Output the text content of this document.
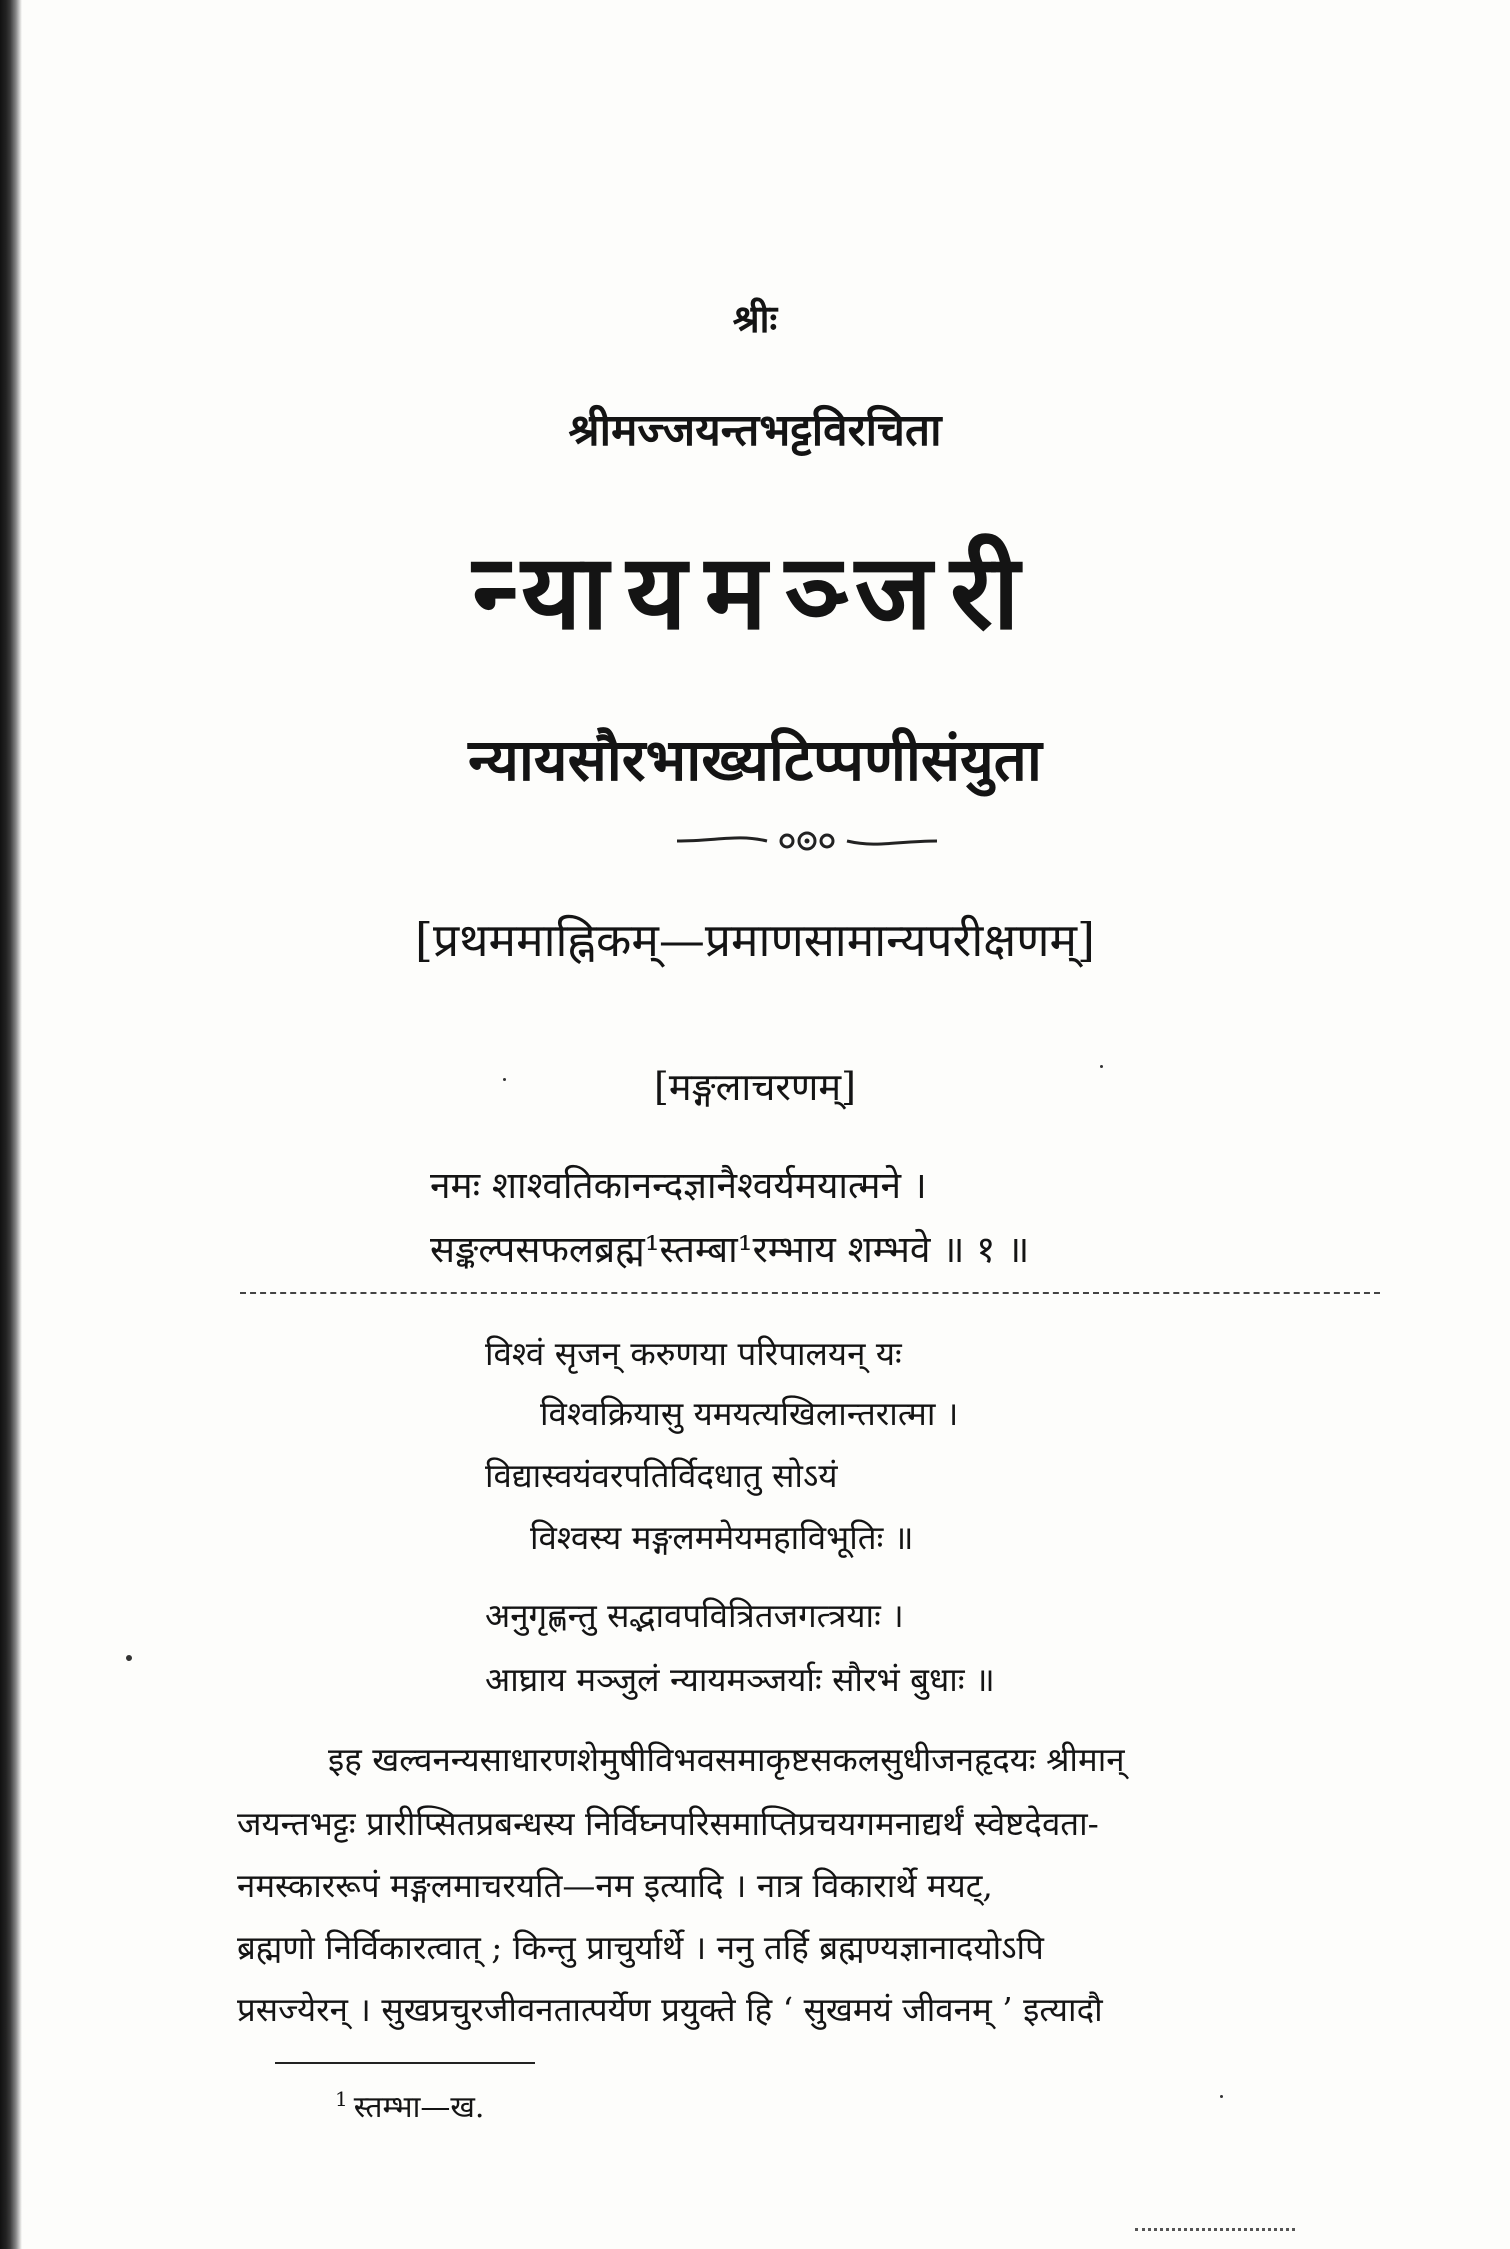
श्रीः
श्रीमज्जयन्तभट्टविरचिता
न्यायमञ्जरी
न्यायसौरभाख्यटिप्पणीसंयुता
[प्रथममाह्निकम्—प्रमाणसामान्यपरीक्षणम्]
[मङ्गलाचरणम्]
नमः शाश्वतिकानन्दज्ञानैश्वर्यमयात्मने ।
सङ्कल्पसफलब्रह्म¹स्तम्बा¹रम्भाय शम्भवे ॥ १ ॥
विश्वं सृजन् करुणया परिपालयन् यः
विश्वक्रियासु यमयत्यखिलान्तरात्मा ।
विद्यास्वयंवरपतिर्विदधातु सोऽयं
विश्वस्य मङ्गलममेयमहाविभूतिः ॥
अनुगृह्णन्तु सद्भावपवित्रितजगत्त्रयाः ।
आघ्राय मञ्जुलं न्यायमञ्जर्याः सौरभं बुधाः ॥
इह खल्वनन्यसाधारणशेमुषीविभवसमाकृष्टसकलसुधीजनहृदयः श्रीमान्
जयन्तभट्टः प्रारीप्सितप्रबन्धस्य निर्विघ्नपरिसमाप्तिप्रचयगमनाद्यर्थं स्वेष्टदेवता-
नमस्काररूपं मङ्गलमाचरयति—नम इत्यादि । नात्र विकारार्थे मयट्,
ब्रह्मणो निर्विकारत्वात् ; किन्तु प्राचुर्यार्थे । ननु तर्हि ब्रह्मण्यज्ञानादयोऽपि
प्रसज्येरन् । सुखप्रचुरजीवनतात्पर्येण प्रयुक्ते हि ‘ सुखमयं जीवनम् ’ इत्यादौ
$^1$ स्तम्भा—ख.
